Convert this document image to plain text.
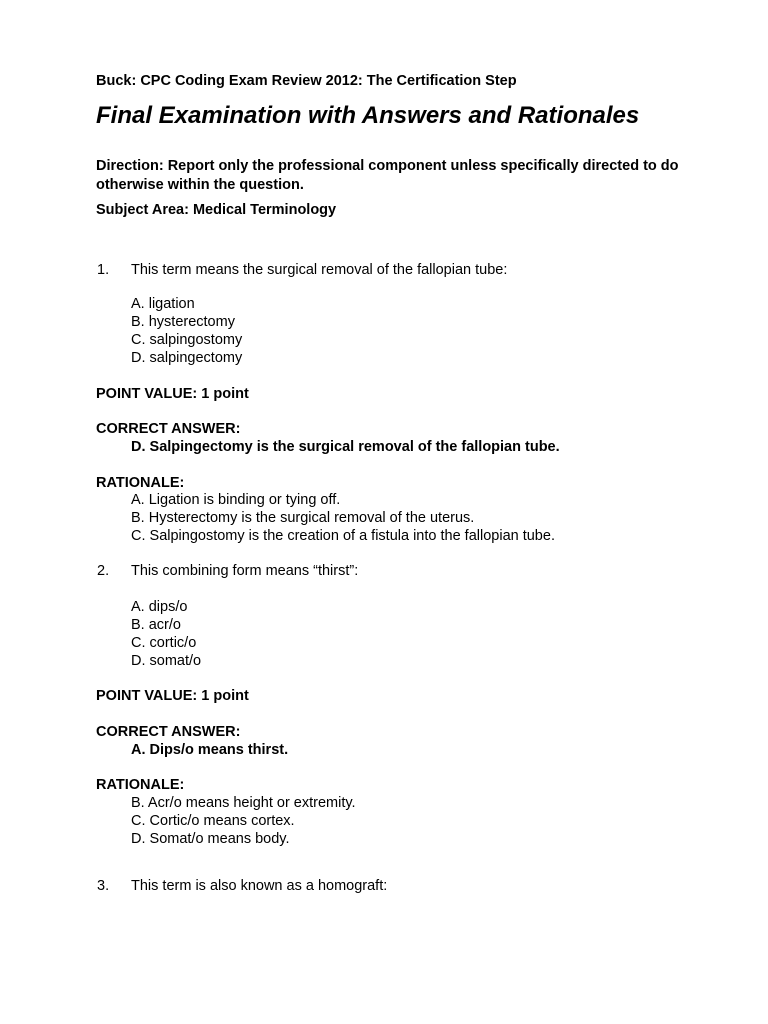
Buck: CPC Coding Exam Review 2012: The Certification Step
Final Examination with Answers and Rationales
Direction: Report only the professional component unless specifically directed to do otherwise within the question.
Subject Area: Medical Terminology
1. This term means the surgical removal of the fallopian tube:
A. ligation
B. hysterectomy
C. salpingostomy
D. salpingectomy
POINT VALUE: 1 point
CORRECT ANSWER:
D. Salpingectomy is the surgical removal of the fallopian tube.
RATIONALE:
A. Ligation is binding or tying off.
B. Hysterectomy is the surgical removal of the uterus.
C. Salpingostomy is the creation of a fistula into the fallopian tube.
2. This combining form means “thirst”:
A. dips/o
B. acr/o
C. cortic/o
D. somat/o
POINT VALUE: 1 point
CORRECT ANSWER:
A. Dips/o means thirst.
RATIONALE:
B. Acr/o means height or extremity.
C. Cortic/o means cortex.
D. Somat/o means body.
3. This term is also known as a homograft:
